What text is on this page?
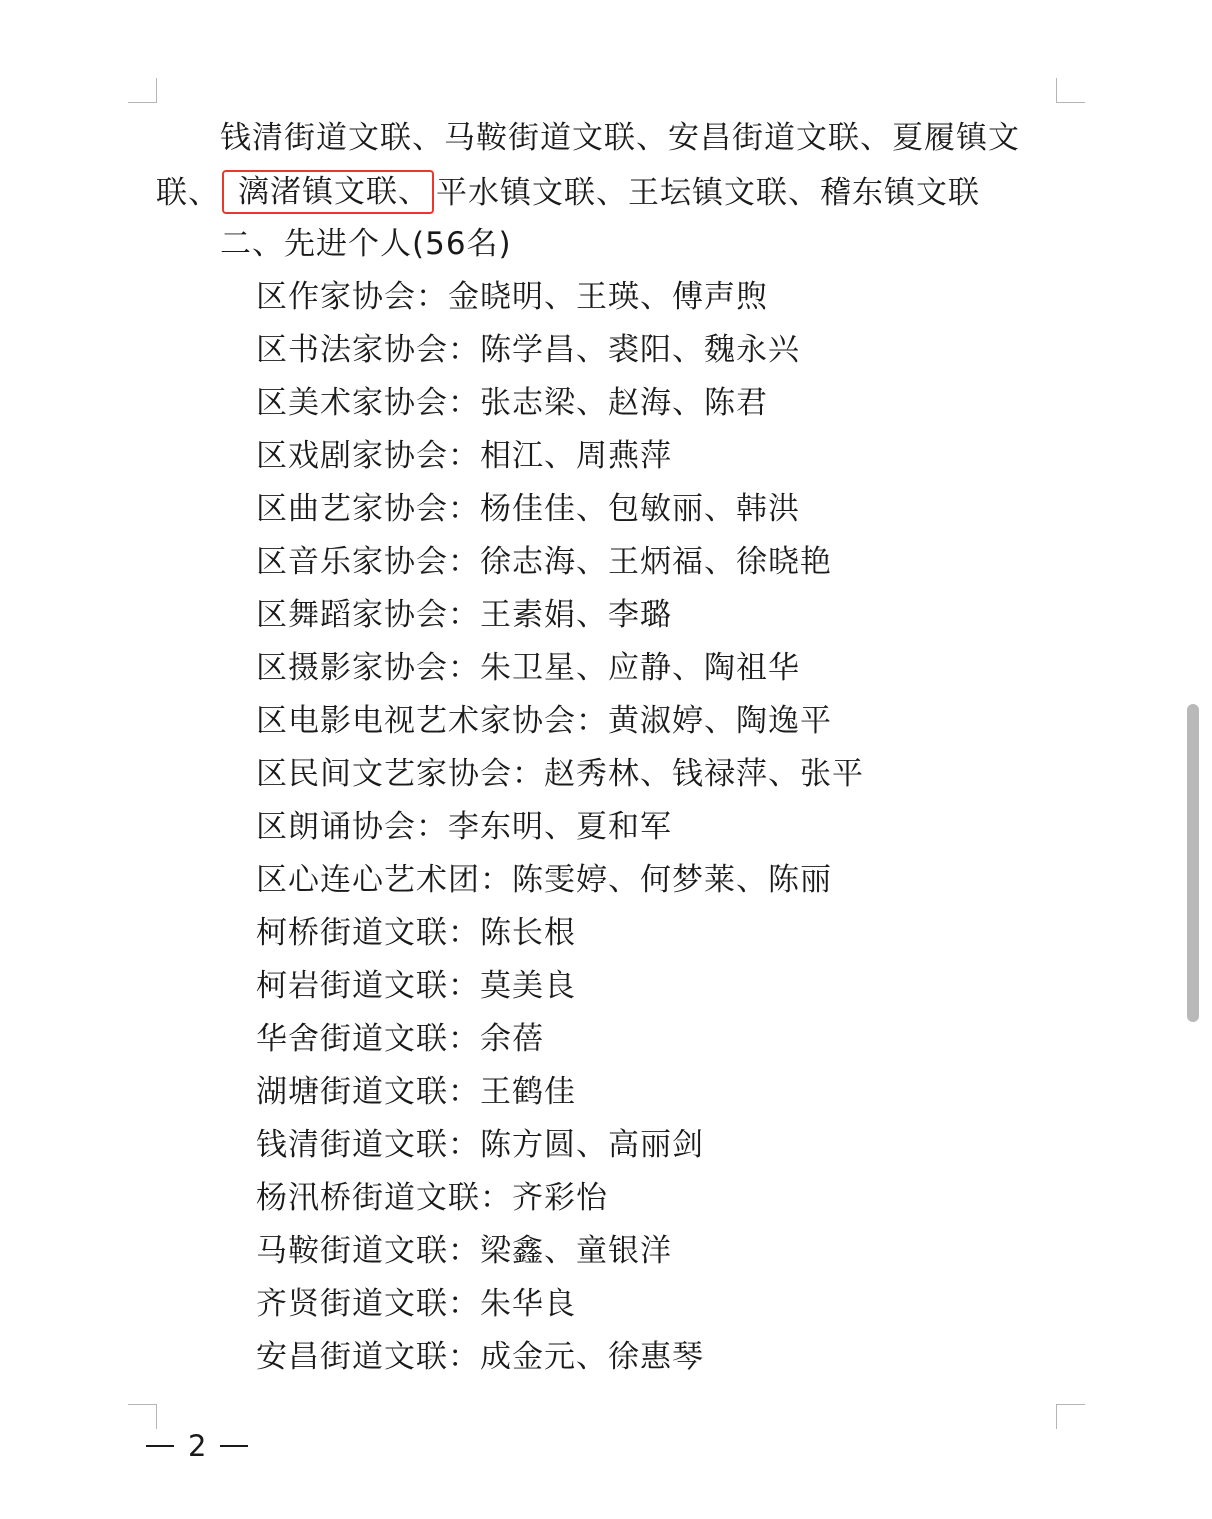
钱清街道文联、马鞍街道文联、安昌街道文联、夏履镇文
联、 漓渚镇文联、 平水镇文联、王坛镇文联、稽东镇文联
二、先进个人(56名)
区作家协会：金晓明、王瑛、傅声煦
区书法家协会：陈学昌、裘阳、魏永兴
区美术家协会：张志梁、赵海、陈君
区戏剧家协会：相江、周燕萍
区曲艺家协会：杨佳佳、包敏丽、韩洪
区音乐家协会：徐志海、王炳福、徐晓艳
区舞蹈家协会：王素娟、李璐
区摄影家协会：朱卫星、应静、陶祖华
区电影电视艺术家协会：黄淑婷、陶逸平
区民间文艺家协会：赵秀林、钱禄萍、张平
区朗诵协会：李东明、夏和军
区心连心艺术团：陈雯婷、何梦莱、陈丽
柯桥街道文联：陈长根
柯岩街道文联：莫美良
华舍街道文联：余蓓
湖塘街道文联：王鹤佳
钱清街道文联：陈方圆、高丽剑
杨汛桥街道文联：齐彩怡
马鞍街道文联：梁鑫、童银洋
齐贤街道文联：朱华良
安昌街道文联：成金元、徐惠琴
2
